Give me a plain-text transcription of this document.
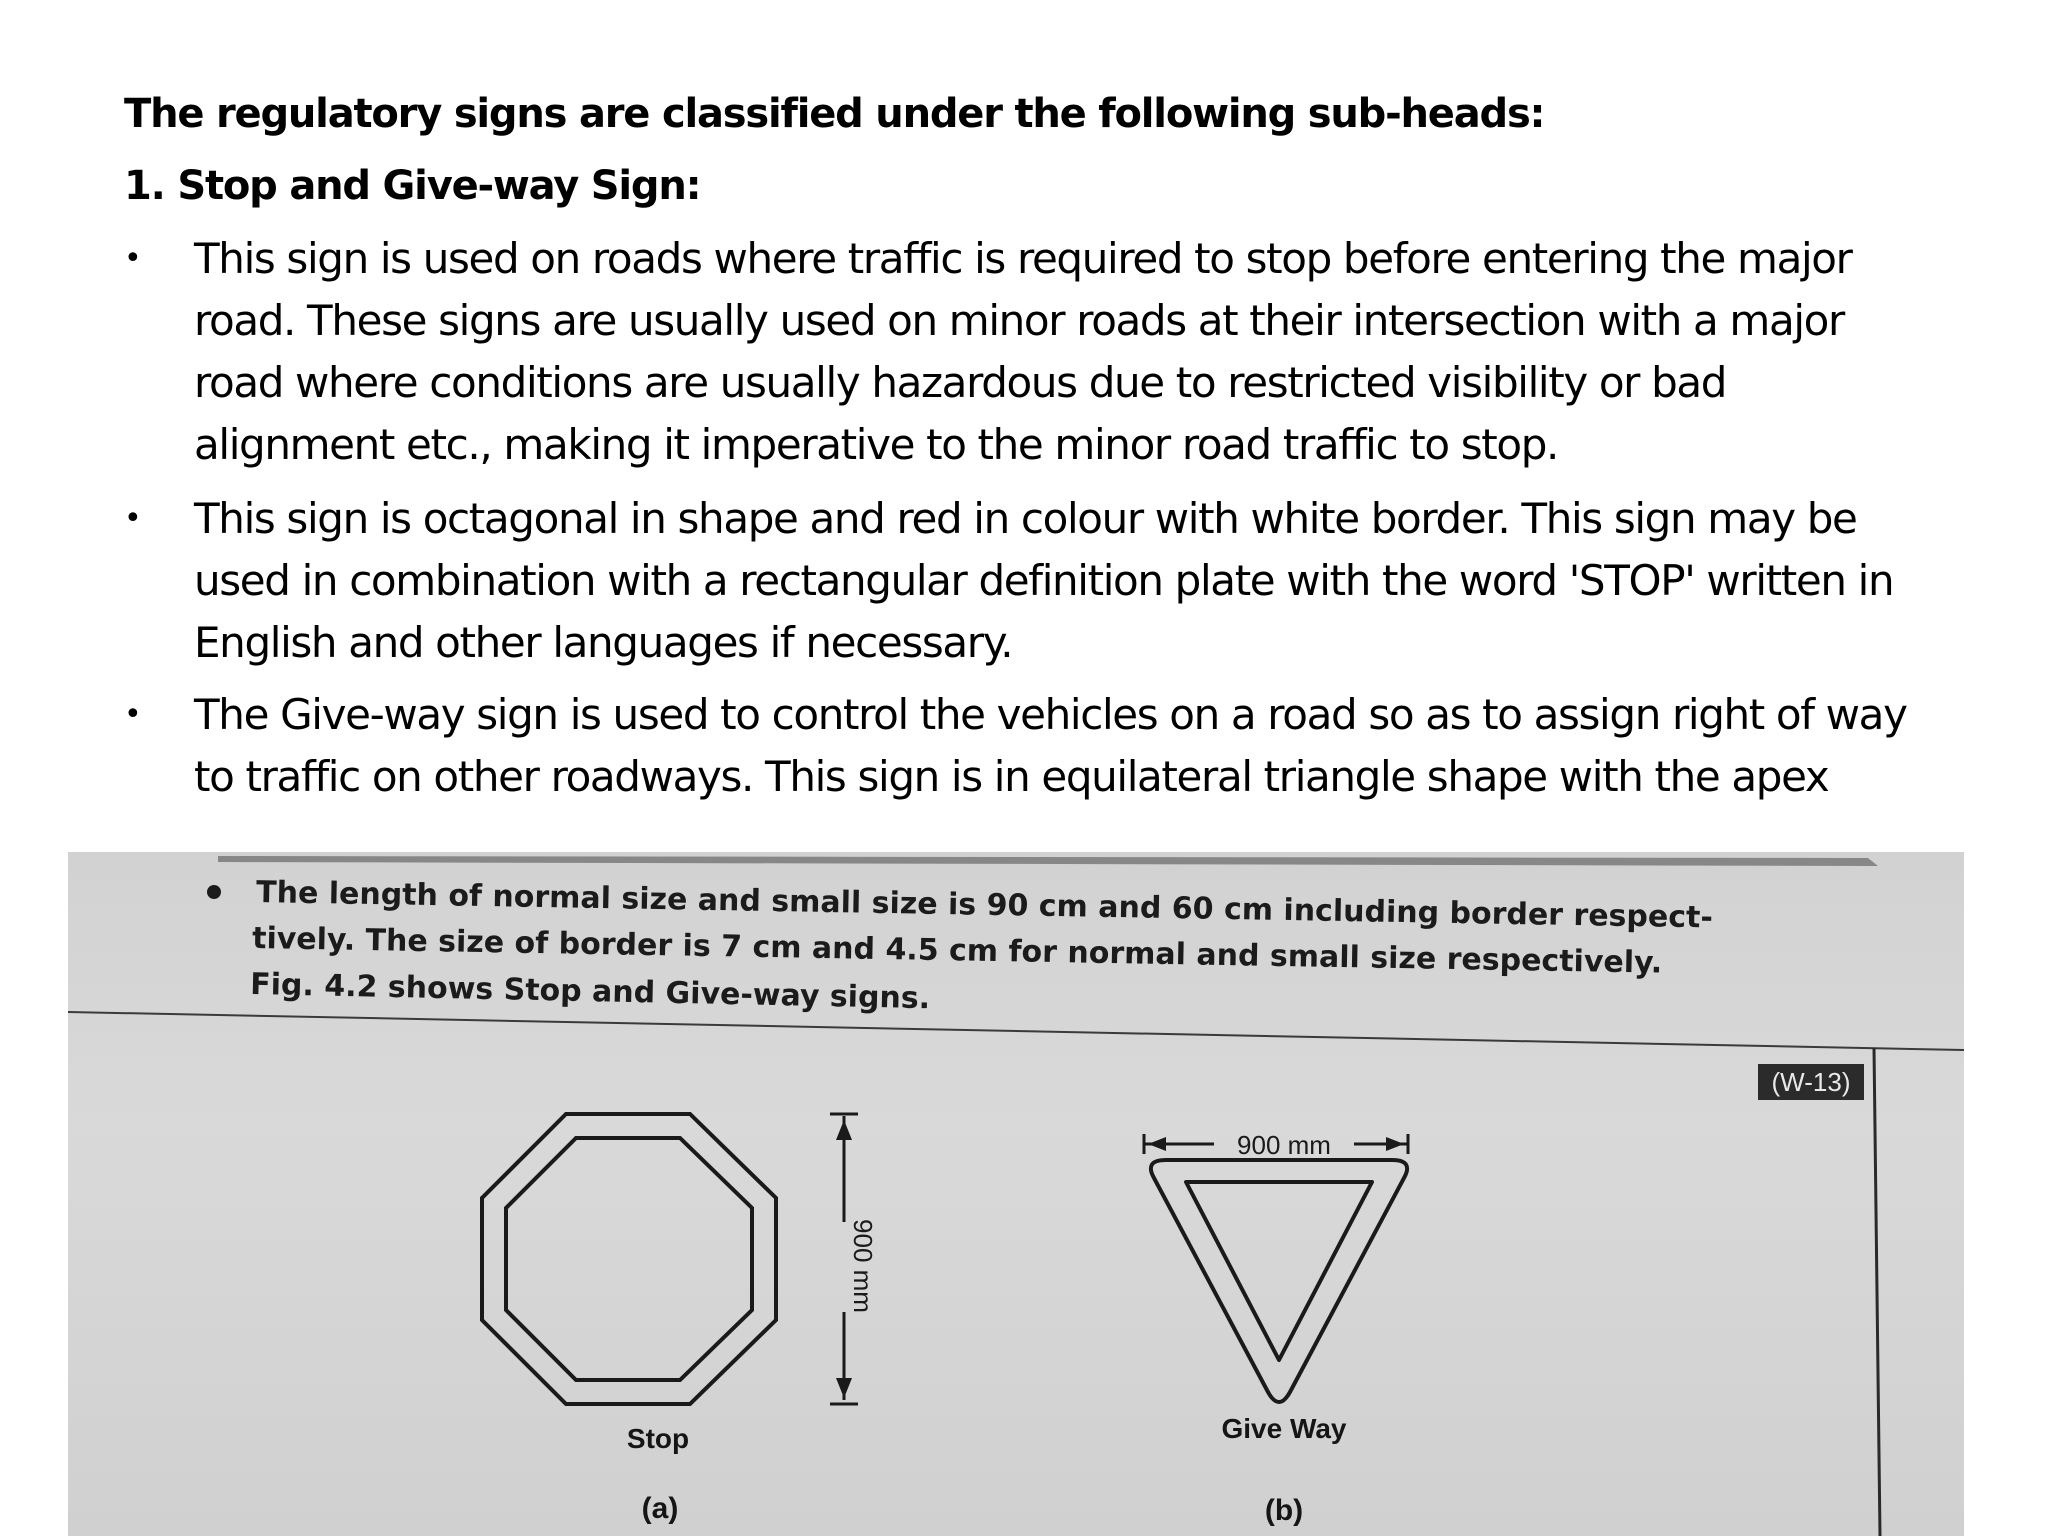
The regulatory signs are classified under the following sub-heads:
1. Stop and Give-way Sign:
• This sign is used on roads where traffic is required to stop before entering the major road. These signs are usually used on minor roads at their intersection with a major road where conditions are usually hazardous due to restricted visibility or bad alignment etc., making it imperative to the minor road traffic to stop.

• This sign is octagonal in shape and red in colour with white border. This sign may be used in combination with a rectangular definition plate with the word 'STOP' written in English and other languages if necessary.

• The Give-way sign is used to control the vehicles on a road so as to assign right of way to traffic on other roadways. This sign is in equilateral triangle shape with the apex

The length of normal size and small size is 90 cm and 60 cm including border respect-
tively. The size of border is 7 cm and 4.5 cm for normal and small size respectively.
Fig. 4.2 shows Stop and Give-way signs.
(W-13)
900 mm
900 mm
Stop	Give Way
(a)	(b)
